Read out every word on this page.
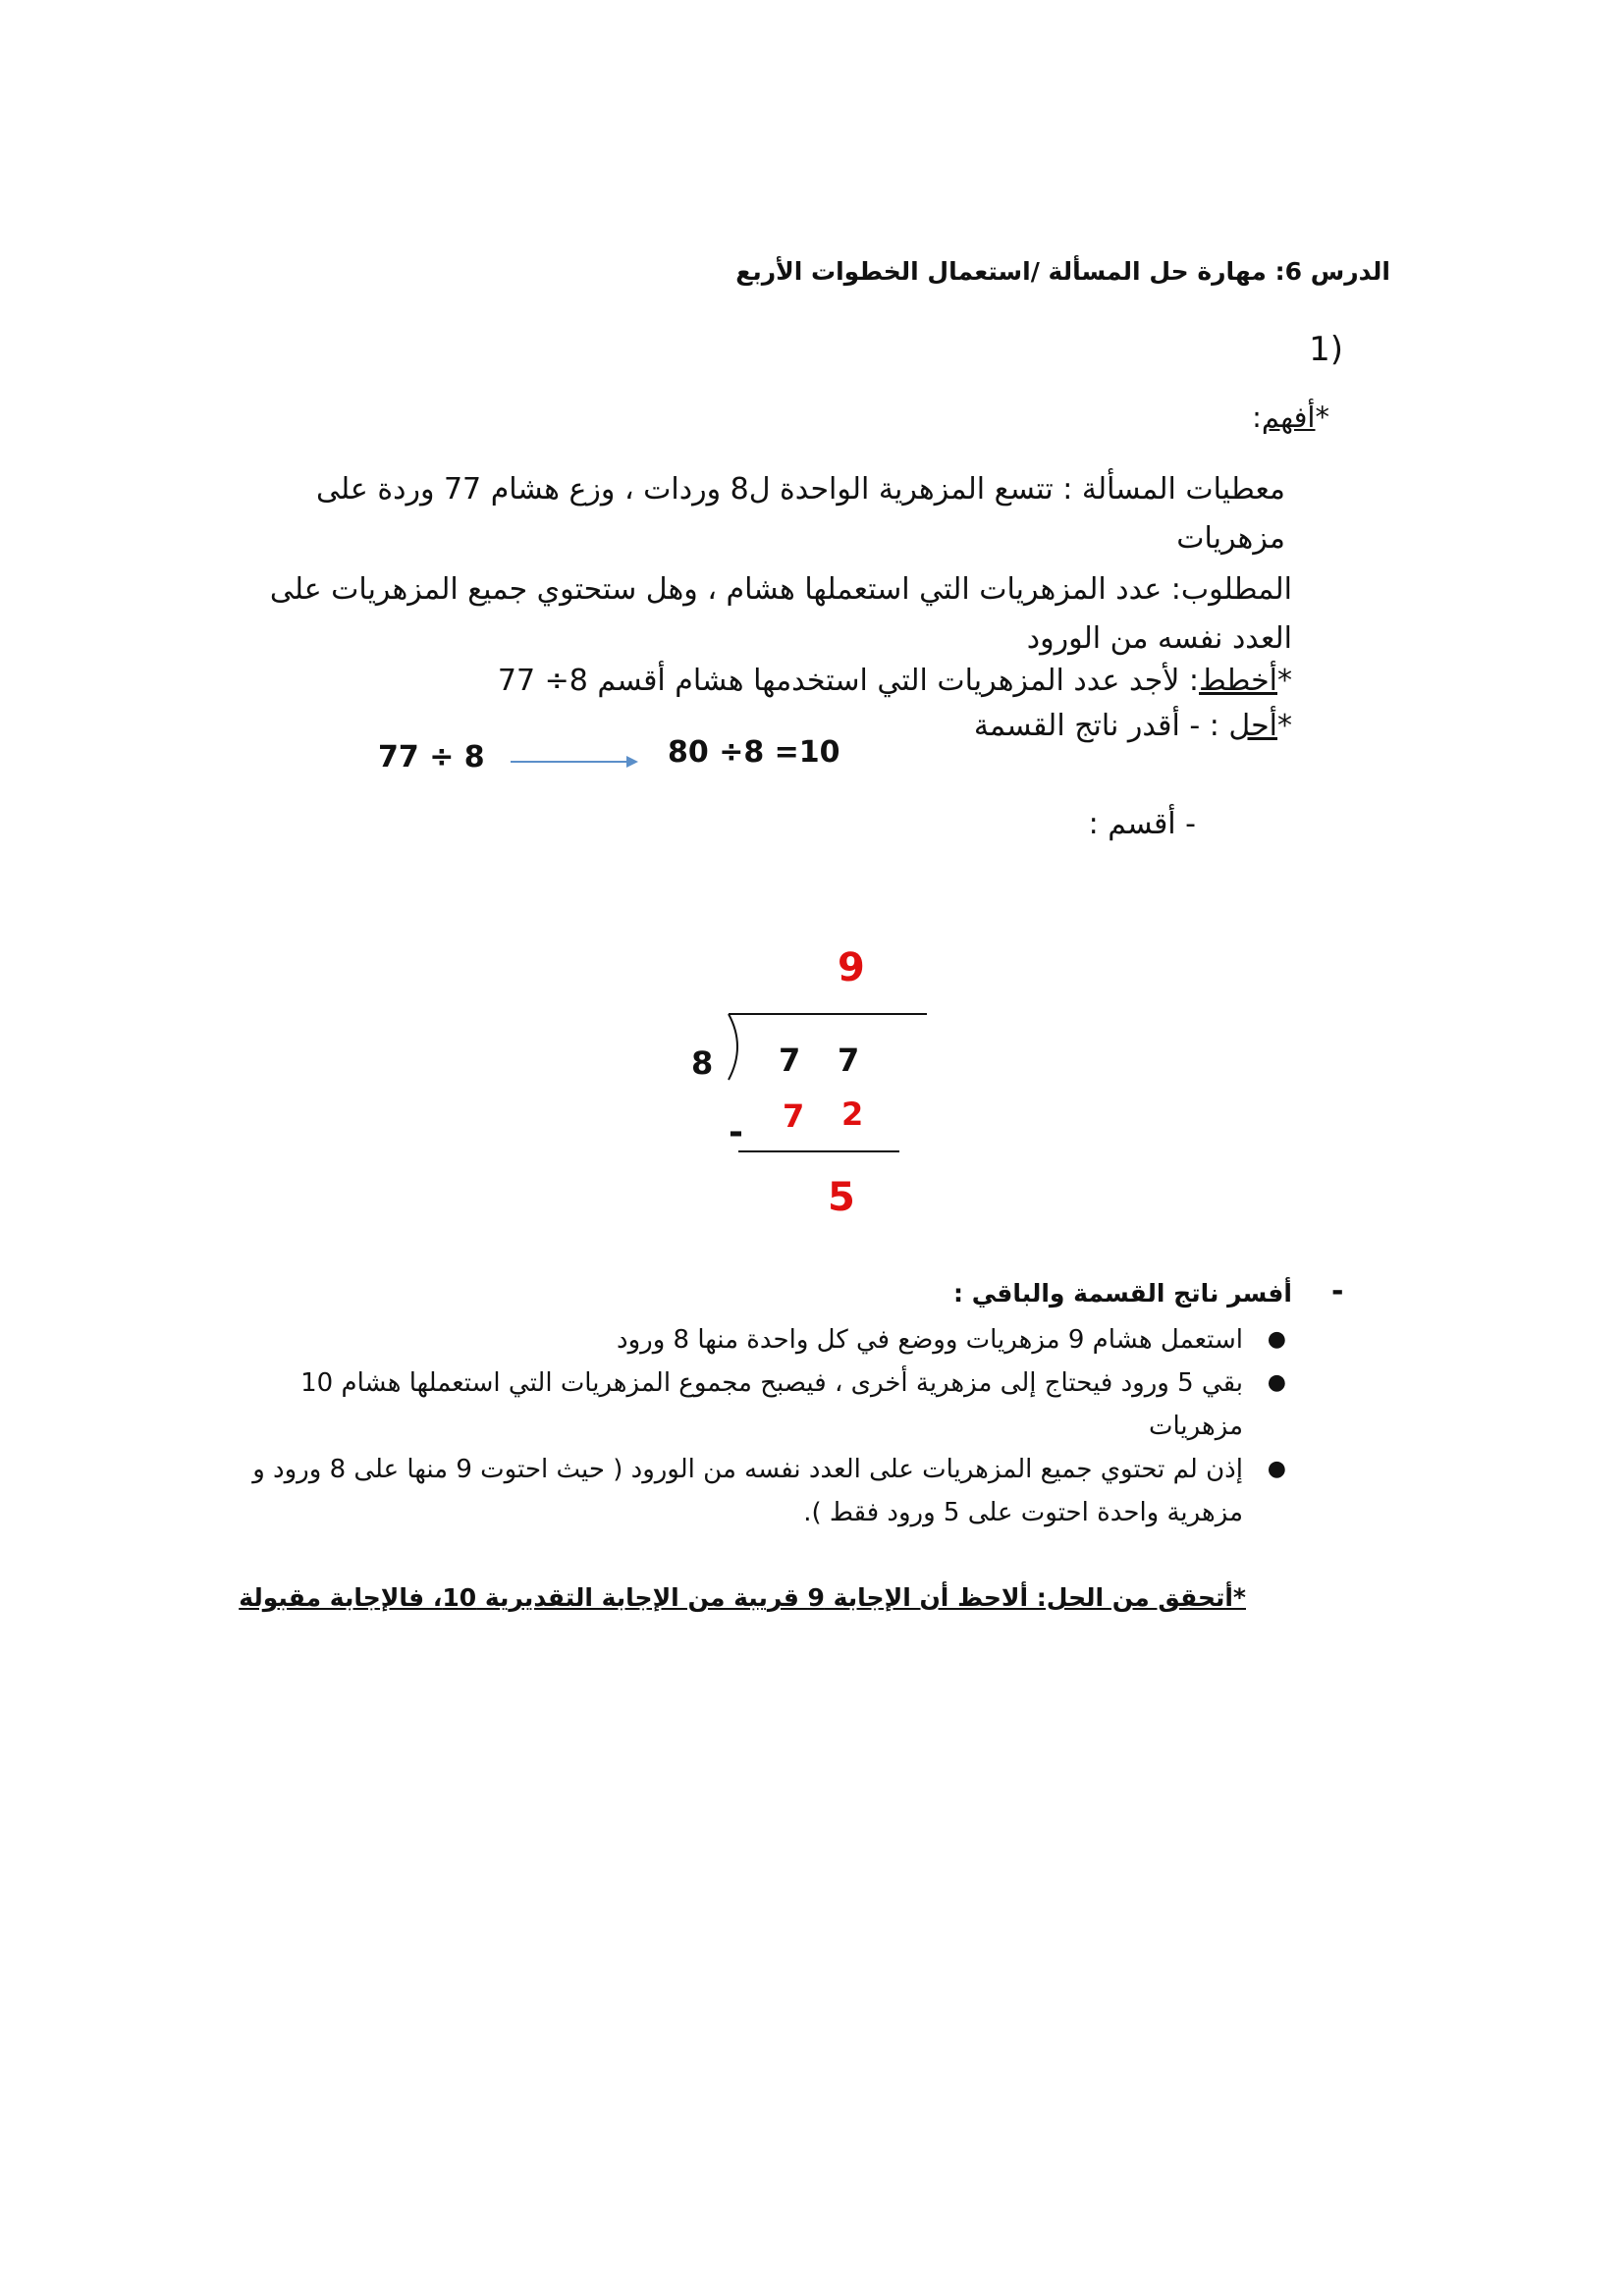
الدرس 6: مهارة حل المسألة /استعمال الخطوات الأربع
1)
*أفهم:
معطيات المسألة : تتسع المزهرية الواحدة ل8 وردات ، وزع هشام 77 وردة على مزهريات
المطلوب: عدد المزهريات التي استعملها هشام ، وهل ستحتوي جميع المزهريات على العدد نفسه من الورود
*أخطط: لأجد عدد المزهريات التي استخدمها هشام أقسم 8÷ 77
*أحل : - أقدر ناتج القسمة
77 ÷ 8	80 ÷8 =10
- أقسم :
9
8 7 7
7 2
-
5
-
أفسر ناتج القسمة والباقي :
●
استعمل هشام 9 مزهريات ووضع في كل واحدة منها 8 ورود
●
بقي 5 ورود فيحتاج إلى مزهرية أخرى ، فيصبح مجموع المزهريات التي استعملها هشام 10 مزهريات
●
إذن لم تحتوي جميع المزهريات على العدد نفسه من الورود ( حيث احتوت 9 منها على 8 ورود و مزهرية واحدة احتوت على 5 ورود فقط ).
*أتحقق من الحل: ألاحظ أن الإجابة 9 قريبة من الإجابة التقديرية 10، فالإجابة مقبولة
